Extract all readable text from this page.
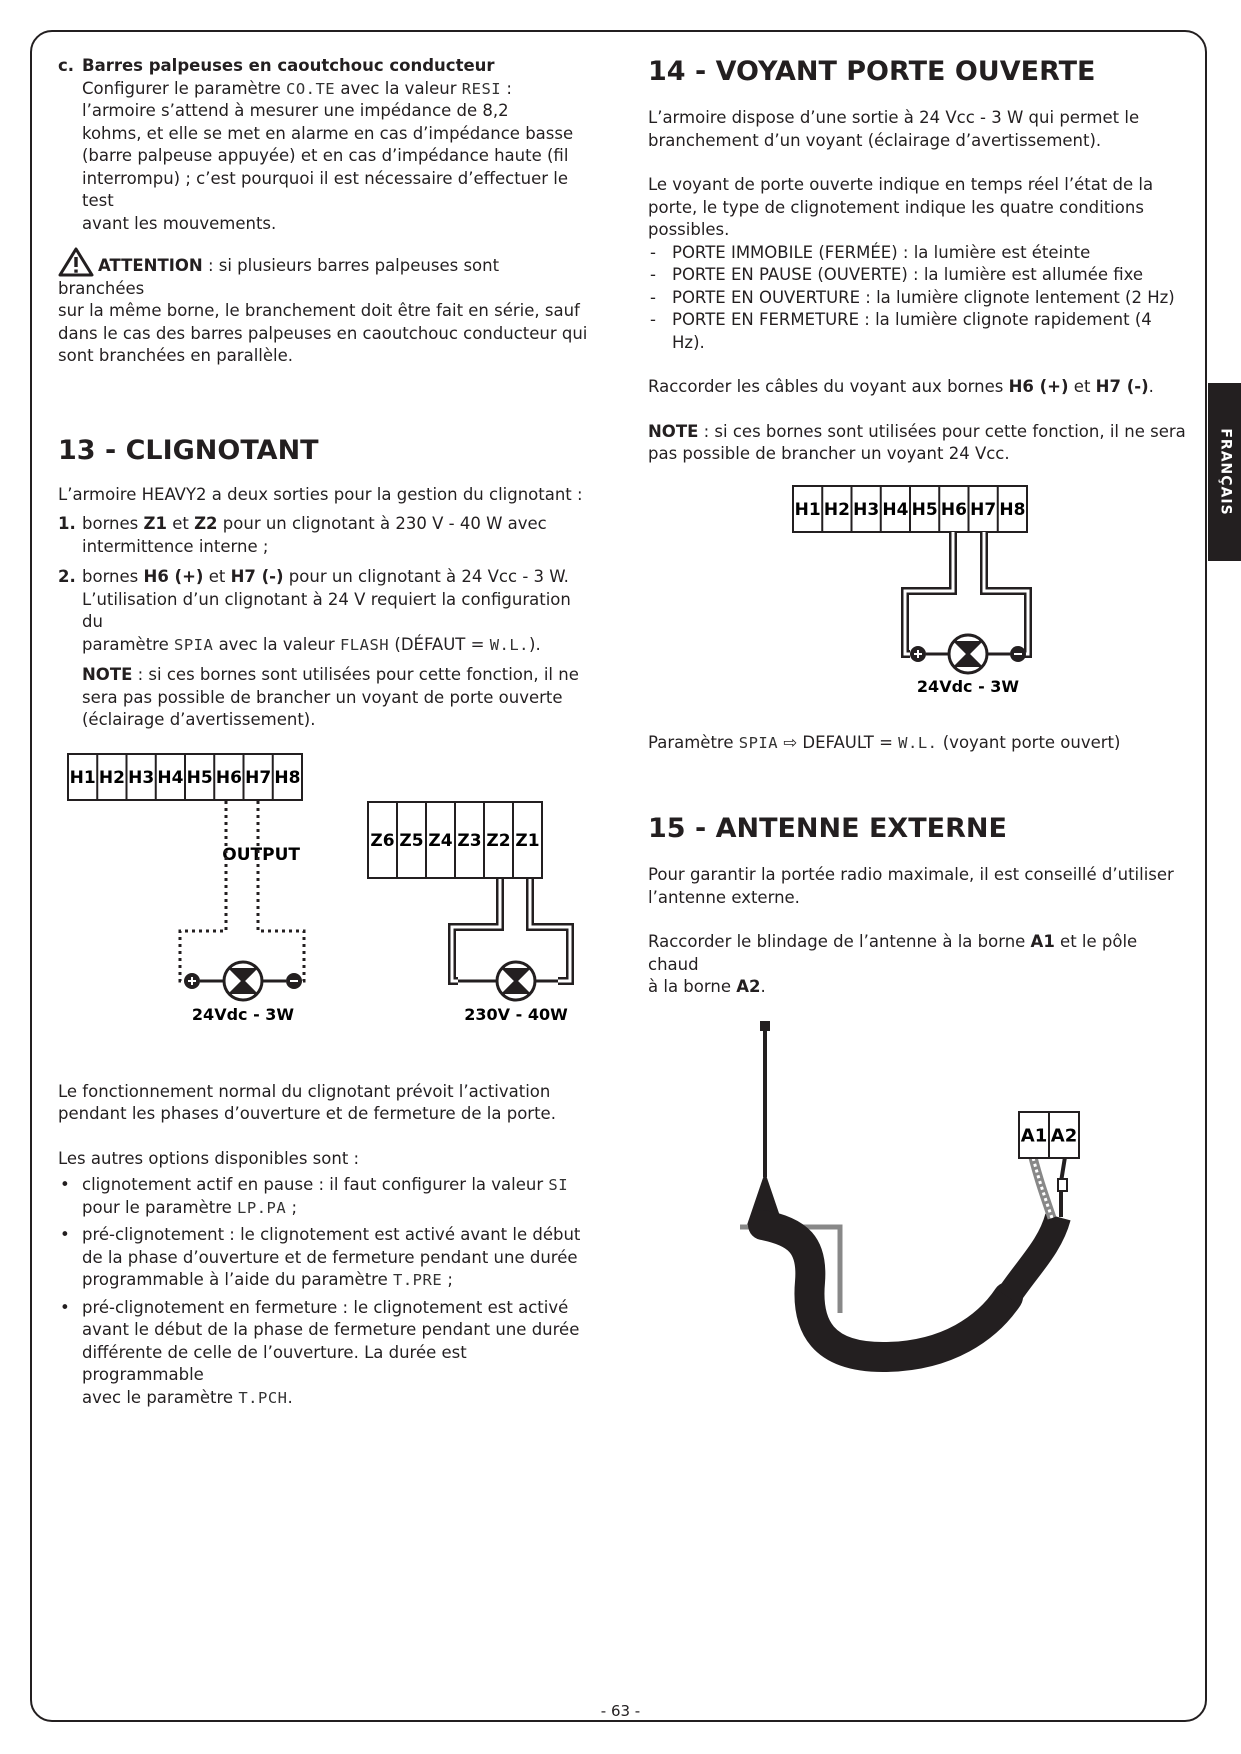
FRANÇAIS

c. Barres palpeuses en caoutchouc conducteur

Configurer le paramètre CO.TE avec la valeur RESI :

l’armoire s’attend à mesurer une impédance de 8,2

kohms, et elle se met en alarme en cas d’impédance basse

(barre palpeuse appuyée) et en cas d’impédance haute (fil

interrompu) ; c’est pourquoi il est nécessaire d’effectuer le test

avant les mouvements.

ATTENTION : si plusieurs barres palpeuses sont branchées

sur la même borne, le branchement doit être fait en série, sauf

dans le cas des barres palpeuses en caoutchouc conducteur qui

sont branchées en parallèle.

13 - CLIGNOTANT

L’armoire HEAVY2 a deux sorties pour la gestion du clignotant :

1. bornes Z1 et Z2 pour un clignotant à 230 V - 40 W avec

intermittence interne ;

2. bornes H6 (+) et H7 (-) pour un clignotant à 24 Vcc - 3 W.

L’utilisation d’un clignotant à 24 V requiert la configuration du

paramètre SPIA avec la valeur FLASH (DÉFAUT = W.L.).

NOTE : si ces bornes sont utilisées pour cette fonction, il ne

sera pas possible de brancher un voyant de porte ouverte

(éclairage d’avertissement).

H1 H2 H3 H4 H5 H6 H7 H8
OUTPUT
Z6 Z5 Z4 Z3 Z2 Z1
24Vdc - 3W	230V - 40W

Le fonctionnement normal du clignotant prévoit l’activation

pendant les phases d’ouverture et de fermeture de la porte.

Les autres options disponibles sont :

• clignotement actif en pause : il faut configurer la valeur SI

pour le paramètre LP.PA ;

• pré-clignotement : le clignotement est activé avant le début

de la phase d’ouverture et de fermeture pendant une durée

programmable à l’aide du paramètre T.PRE ;

• pré-clignotement en fermeture : le clignotement est activé

avant le début de la phase de fermeture pendant une durée

différente de celle de l’ouverture. La durée est programmable

avec le paramètre T.PCH.

14 - VOYANT PORTE OUVERTE

L’armoire dispose d’une sortie à 24 Vcc - 3 W qui permet le

branchement d’un voyant (éclairage d’avertissement).

Le voyant de porte ouverte indique en temps réel l’état de la

porte, le type de clignotement indique les quatre conditions

possibles.

- PORTE IMMOBILE (FERMÉE) : la lumière est éteinte

- PORTE EN PAUSE (OUVERTE) : la lumière est allumée fixe

- PORTE EN OUVERTURE : la lumière clignote lentement (2 Hz)

- PORTE EN FERMETURE : la lumière clignote rapidement (4 Hz).

Raccorder les câbles du voyant aux bornes H6 (+) et H7 (-).

NOTE : si ces bornes sont utilisées pour cette fonction, il ne sera

pas possible de brancher un voyant 24 Vcc.

H1 H2 H3 H4 H5 H6 H7 H8
24Vdc - 3W

Paramètre SPIA ⇨ DEFAULT = W.L. (voyant porte ouvert)

15 - ANTENNE EXTERNE

Pour garantir la portée radio maximale, il est conseillé d’utiliser

l’antenne externe.

Raccorder le blindage de l’antenne à la borne A1 et le pôle chaud

à la borne A2.

A1 A2
- 63 -
